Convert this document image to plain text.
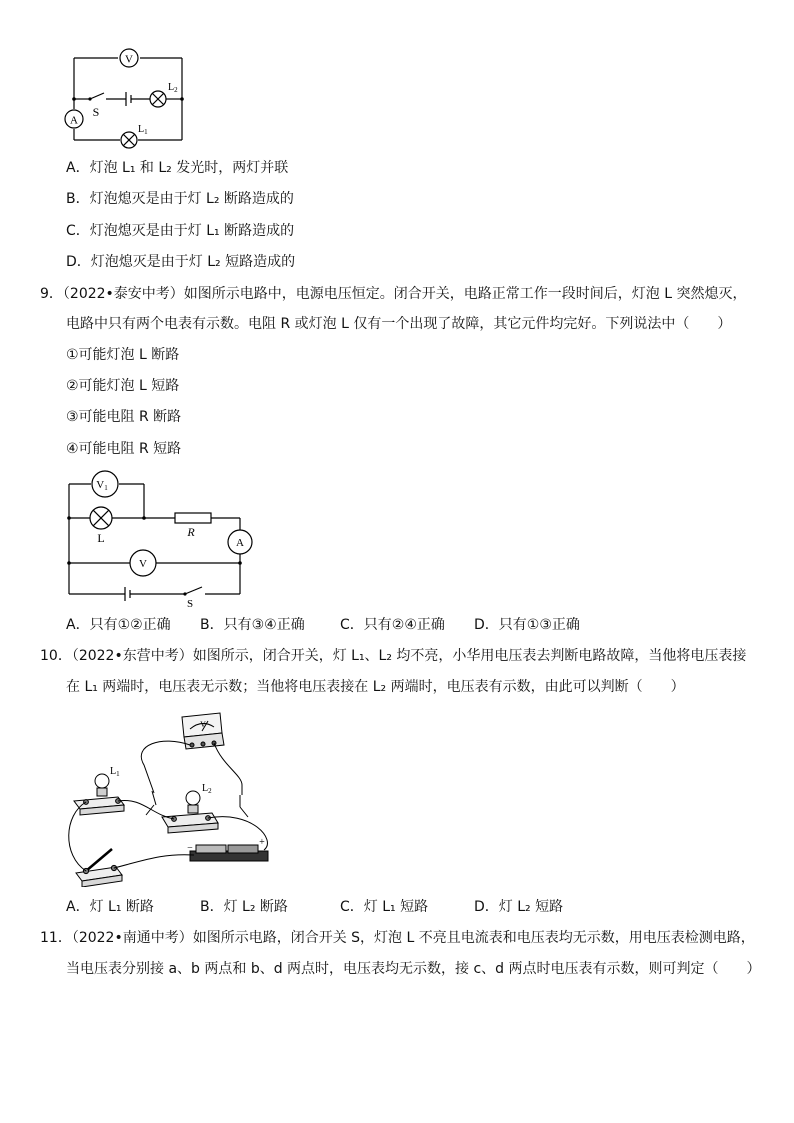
V
A
S
$L_2$
$L_1$
A．灯泡 L₁ 和 L₂ 发光时，两灯并联
B．灯泡熄灭是由于灯 L₂ 断路造成的
C．灯泡熄灭是由于灯 L₁ 断路造成的
D．灯泡熄灭是由于灯 L₂ 短路造成的
9．（2022•泰安中考）如图所示电路中，电源电压恒定。闭合开关，电路正常工作一段时间后，灯泡 L 突然熄灭，
电路中只有两个电表有示数。电阻 R 或灯泡 L 仅有一个出现了故障，其它元件均完好。下列说法中（　　）
①可能灯泡 L 断路
②可能灯泡 L 短路
③可能电阻 R 断路
④可能电阻 R 短路
V1
L	R
A
V
S
A．只有①②正确 B．只有③④正确	C．只有②④正确 D．只有①③正确
10．（2022•东营中考）如图所示，闭合开关，灯 L₁、L₂ 均不亮，小华用电压表去判断电路故障，当他将电压表接
在 L₁ 两端时，电压表无示数；当他将电压表接在 L₂ 两端时，电压表有示数，由此可以判断（　　）
$L_1$
$L_2$
V
−
+
A．灯 L₁ 断路	B．灯 L₂ 断路	C．灯 L₁ 短路	D．灯 L₂ 短路
11．（2022•南通中考）如图所示电路，闭合开关 S，灯泡 L 不亮且电流表和电压表均无示数，用电压表检测电路，
当电压表分别接 a、b 两点和 b、d 两点时，电压表均无示数，接 c、d 两点时电压表有示数，则可判定（　　）
